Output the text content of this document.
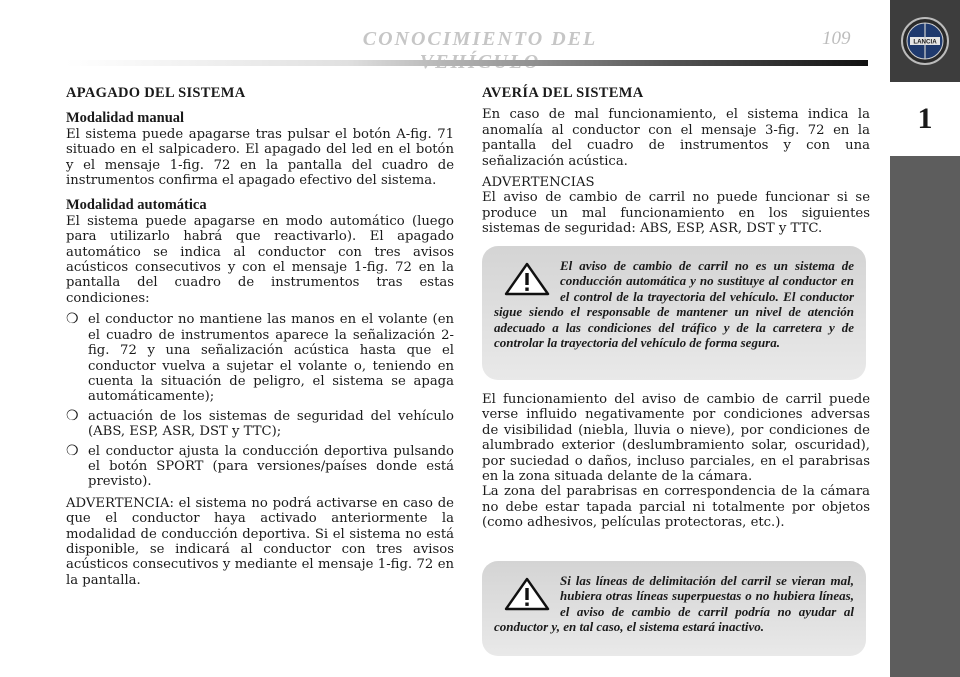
CONOCIMIENTO DEL	109	LANCIA
1
APAGADO DEL SISTEMA
Modalidad manual

El sistema puede apagarse tras pulsar el botón A-fig. 71 situado en el salpicadero. El apagado del led en el botón y el mensaje 1-fig. 72 en la pantalla del cuadro de instrumentos confirma el apagado efectivo del sistema.

Modalidad automática

El sistema puede apagarse en modo automático (luego para utilizarlo habrá que reactivarlo). El apagado automático se indica al conductor con tres avisos acústicos consecutivos y con el mensaje 1-fig. 72 en la pantalla del cuadro de instrumentos tras estas condiciones:

❍ el conductor no mantiene las manos en el volante (en el cuadro de instrumentos aparece la señalización 2-fig. 72 y una señalización acústica hasta que el conductor vuelva a sujetar el volante o, teniendo en cuenta la situación de peligro, el sistema se apaga automáticamente);
❍ actuación de los sistemas de seguridad del vehículo (ABS, ESP, ASR, DST y TTC);
❍ el conductor ajusta la conducción deportiva pulsando el botón SPORT (para versiones/países donde está previsto).

ADVERTENCIA: el sistema no podrá activarse en caso de que el conductor haya activado anteriormente la modalidad de conducción deportiva. Si el sistema no está disponible, se indicará al conductor con tres avisos acústicos consecutivos y mediante el mensaje 1-fig. 72 en la pantalla.

AVERÍA DEL SISTEMA

En caso de mal funcionamiento, el sistema indica la anomalía al conductor con el mensaje 3-fig. 72 en la pantalla del cuadro de instrumentos y con una señalización acústica.

ADVERTENCIAS

El aviso de cambio de carril no puede funcionar si se produce un mal funcionamiento en los siguientes sistemas de seguridad: ABS, ESP, ASR, DST y TTC.

El aviso de cambio de carril no es un sistema de conducción automática y no sustituye al conductor en el control de la trayectoria del vehículo. El conductor sigue siendo el responsable de mantener un nivel de atención adecuado a las condiciones del tráfico y de la carretera y de controlar la trayectoria del vehículo de forma segura.

El funcionamiento del aviso de cambio de carril puede verse influido negativamente por condiciones adversas de visibilidad (niebla, lluvia o nieve), por condiciones de alumbrado exterior (deslumbramiento solar, oscuridad), por suciedad o daños, incluso parciales, en el parabrisas en la zona situada delante de la cámara.

La zona del parabrisas en correspondencia de la cámara no debe estar tapada parcial ni totalmente por objetos (como adhesivos, películas protectoras, etc.).

Si las líneas de delimitación del carril se vieran mal, hubiera otras líneas superpuestas o no hubiera líneas, el aviso de cambio de carril podría no ayudar al conductor y, en tal caso, el sistema estará inactivo.
